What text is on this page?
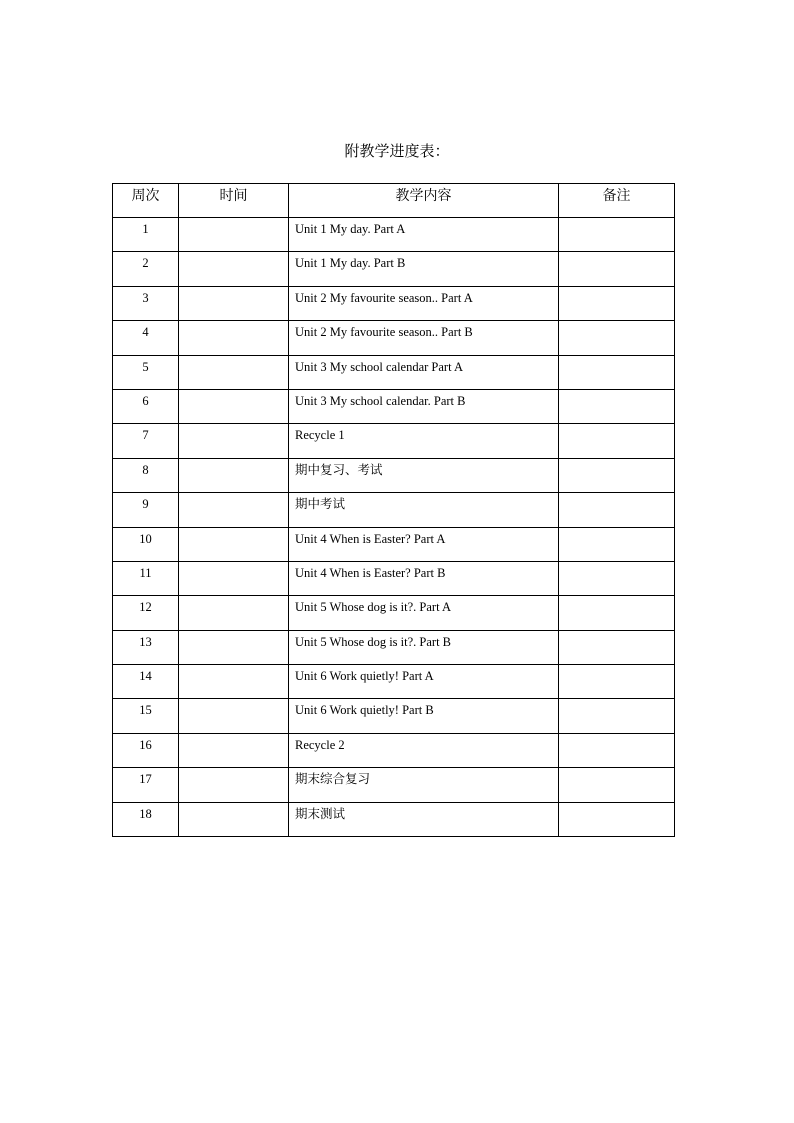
附教学进度表：
周次	时间	教学内容	备注
1		Unit 1 My day. Part A	
2		Unit 1 My day. Part B	
3		Unit 2 My favourite season.. Part A	
4		Unit 2 My favourite season.. Part B	
5		Unit 3 My school calendar Part A	
6		Unit 3 My school calendar. Part B	
7		Recycle 1	
8		期中复习、考试	
9		期中考试	
10		Unit 4 When is Easter? Part A	
11		Unit 4 When is Easter? Part B	
12		Unit 5 Whose dog is it?. Part A	
13		Unit 5 Whose dog is it?. Part B	
14		Unit 6 Work quietly! Part A	
15		Unit 6 Work quietly! Part B	
16		Recycle 2	
17		期末综合复习	
18		期末测试	
